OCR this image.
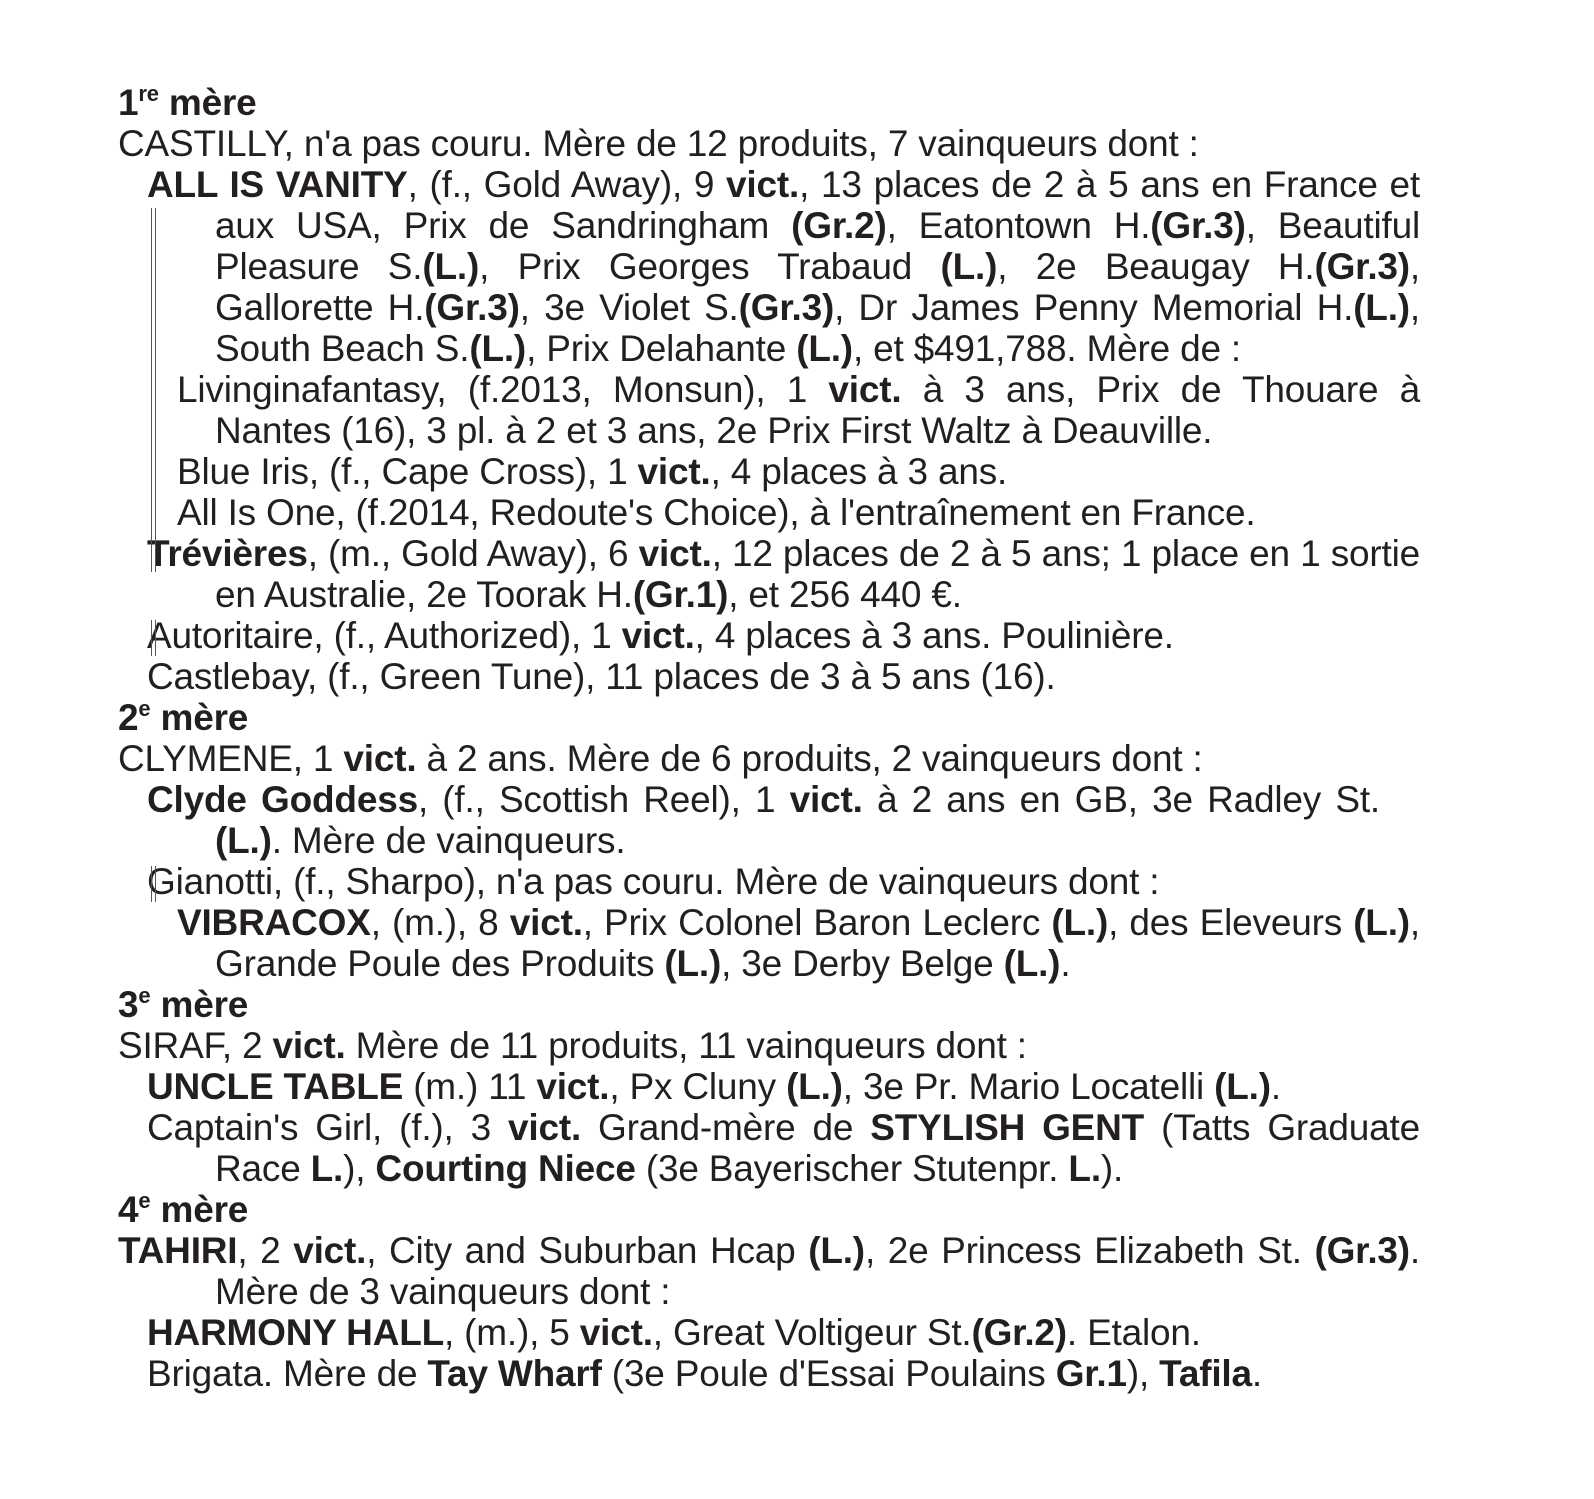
1re mère
CASTILLY, n'a pas couru. Mère de 12 produits, 7 vainqueurs dont :
ALL IS VANITY, (f., Gold Away), 9 vict., 13 places de 2 à 5 ans en France et aux USA, Prix de Sandringham (Gr.2), Eatontown H.(Gr.3), Beautiful Pleasure S.(L.), Prix Georges Trabaud (L.), 2e Beaugay H.(Gr.3), Gallorette H.(Gr.3), 3e Violet S.(Gr.3), Dr James Penny Memorial H.(L.), South Beach S.(L.), Prix Delahante (L.), et $491,788. Mère de :
Livinginafantasy, (f.2013, Monsun), 1 vict. à 3 ans, Prix de Thouare à Nantes (16), 3 pl. à 2 et 3 ans, 2e Prix First Waltz à Deauville.
Blue Iris, (f., Cape Cross), 1 vict., 4 places à 3 ans.
All Is One, (f.2014, Redoute's Choice), à l'entraînement en France.
Trévières, (m., Gold Away), 6 vict., 12 places de 2 à 5 ans; 1 place en 1 sortie en Australie, 2e Toorak H.(Gr.1), et 256 440 €.
Autoritaire, (f., Authorized), 1 vict., 4 places à 3 ans. Poulinière.
Castlebay, (f., Green Tune), 11 places de 3 à 5 ans (16).
2e mère
CLYMENE, 1 vict. à 2 ans. Mère de 6 produits, 2 vainqueurs dont :
Clyde Goddess, (f., Scottish Reel), 1 vict. à 2 ans en GB, 3e Radley St.(L.). Mère de vainqueurs.
Gianotti, (f., Sharpo), n'a pas couru. Mère de vainqueurs dont :
VIBRACOX, (m.), 8 vict., Prix Colonel Baron Leclerc (L.), des Eleveurs (L.), Grande Poule des Produits (L.), 3e Derby Belge (L.).
3e mère
SIRAF, 2 vict. Mère de 11 produits, 11 vainqueurs dont :
UNCLE TABLE (m.) 11 vict., Px Cluny (L.), 3e Pr. Mario Locatelli (L.).
Captain's Girl, (f.), 3 vict. Grand-mère de STYLISH GENT (Tatts Graduate Race L.), Courting Niece (3e Bayerischer Stutenpr. L.).
4e mère
TAHIRI, 2 vict., City and Suburban Hcap (L.), 2e Princess Elizabeth St. (Gr.3). Mère de 3 vainqueurs dont :
HARMONY HALL, (m.), 5 vict., Great Voltigeur St.(Gr.2). Etalon.
Brigata. Mère de Tay Wharf (3e Poule d'Essai Poulains Gr.1), Tafila.
